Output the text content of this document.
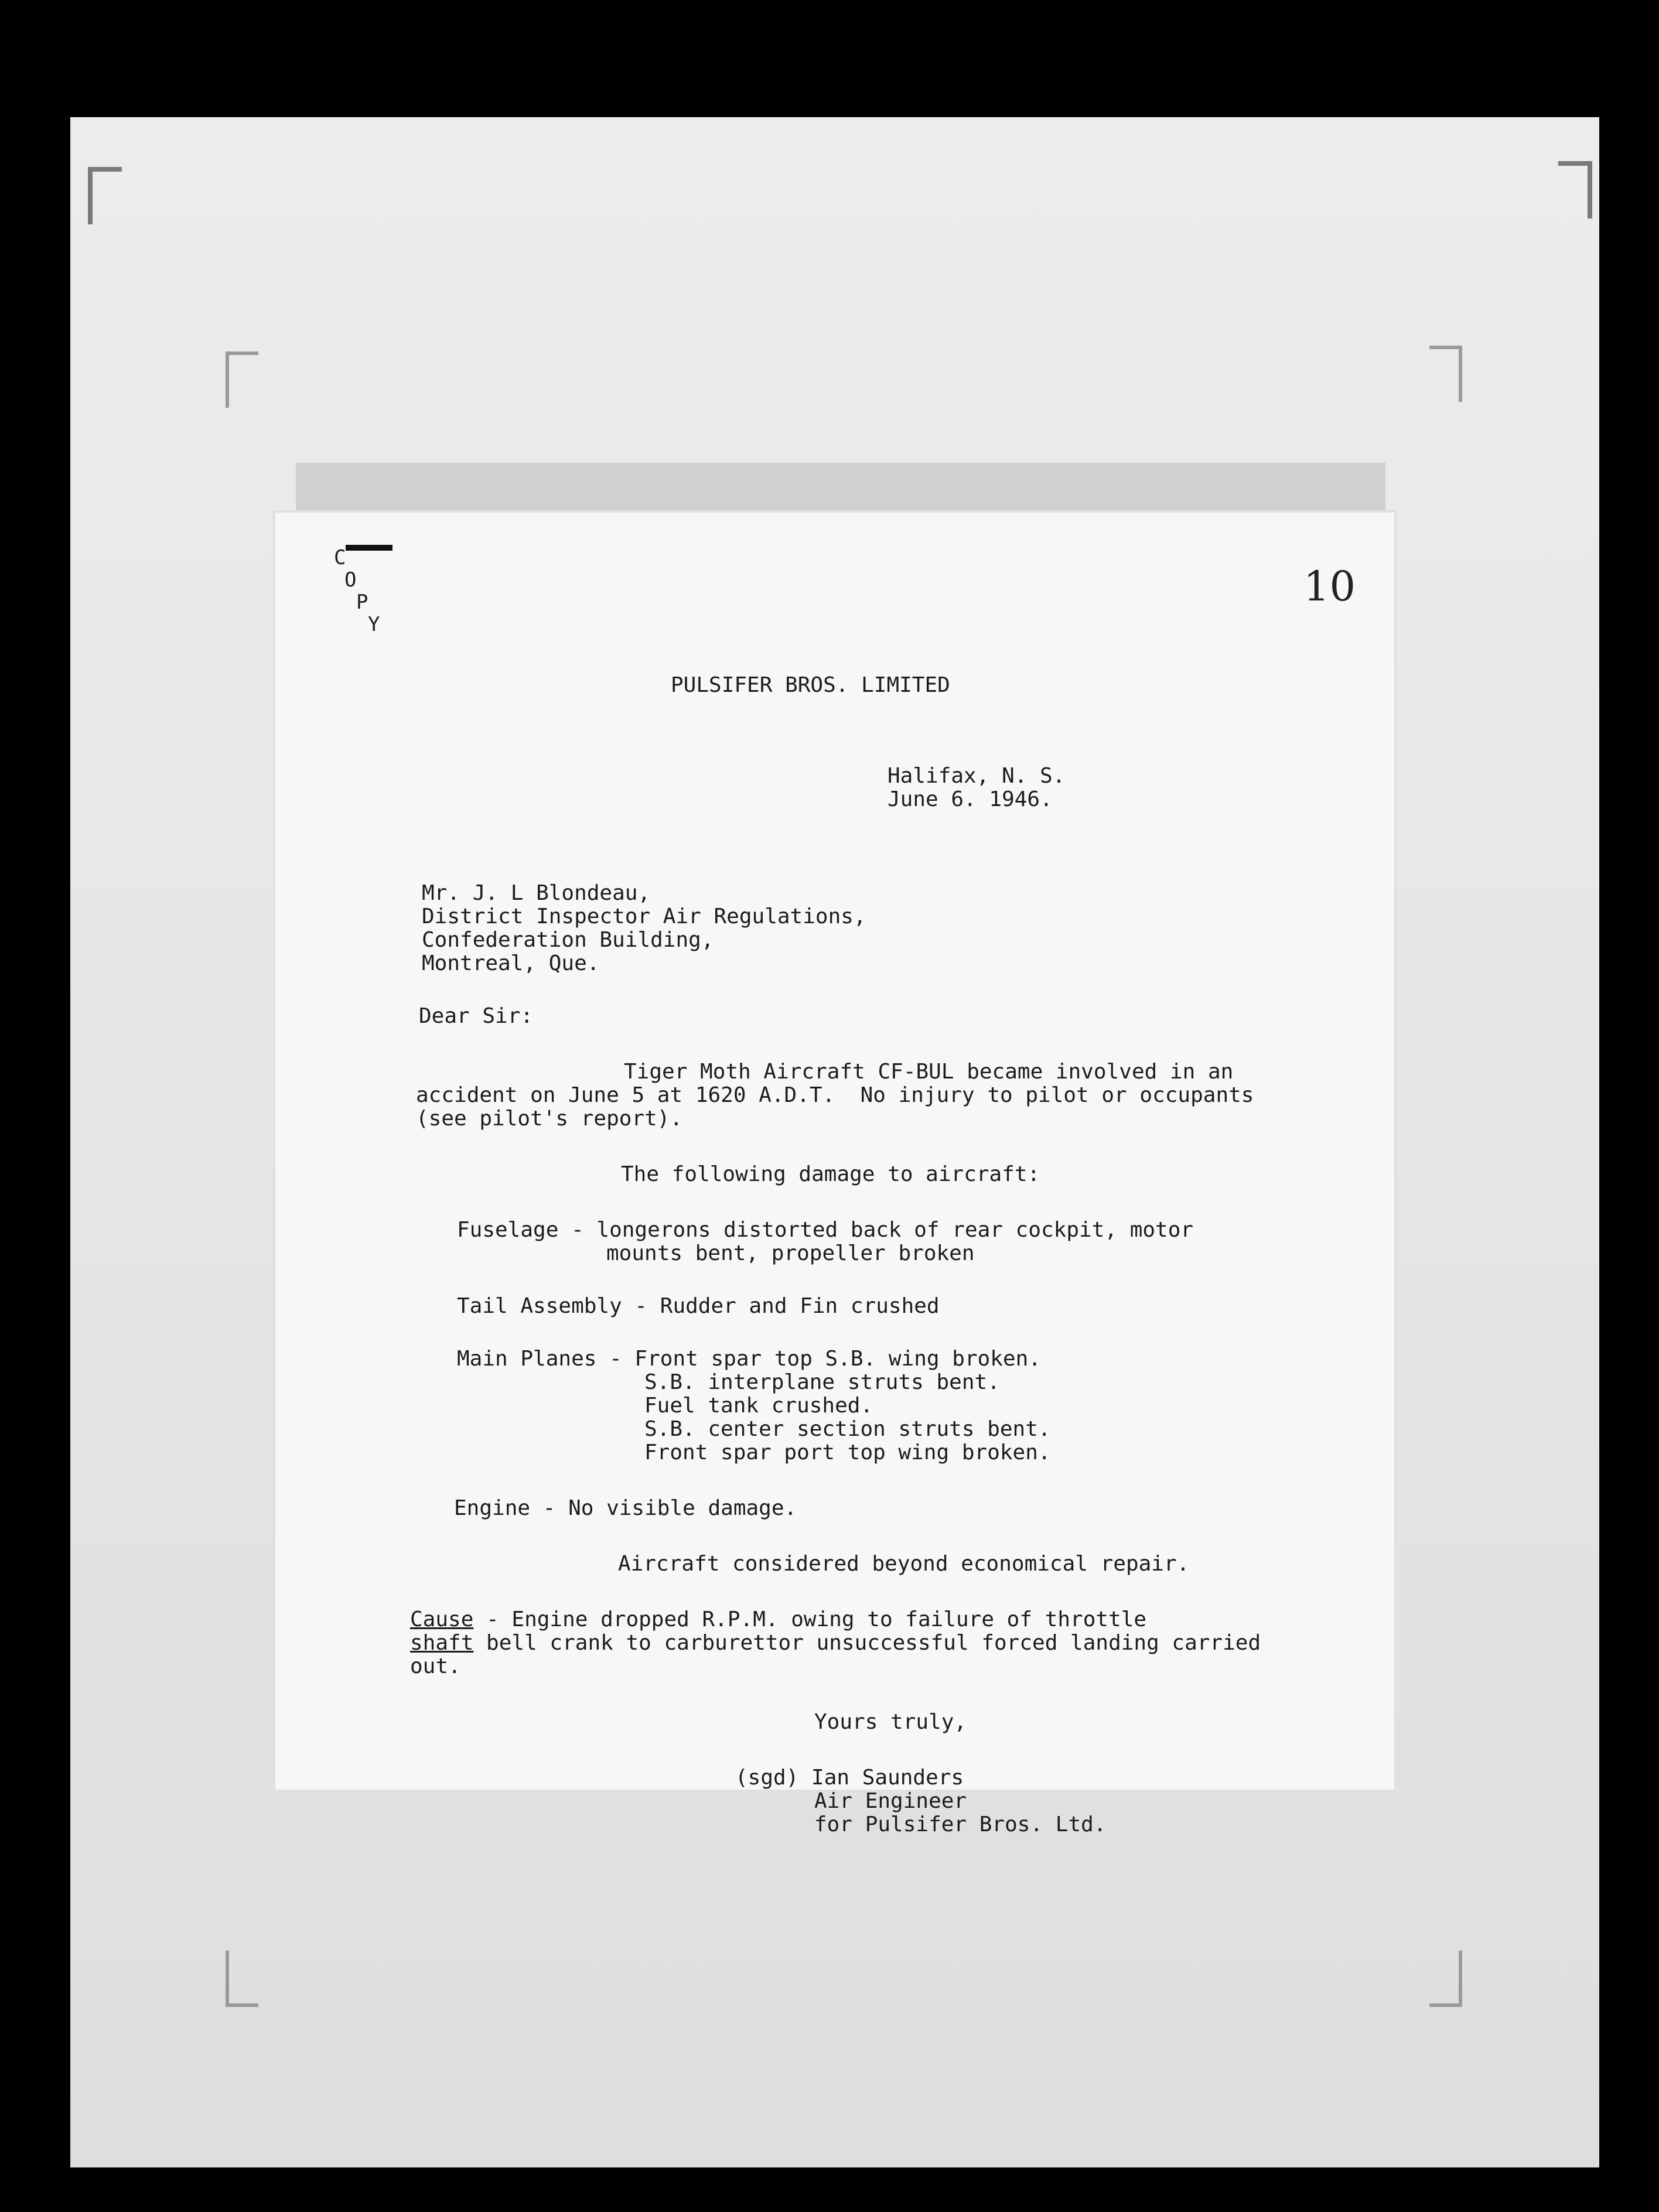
C
O
P
Y
10
PULSIFER BROS. LIMITED
Halifax, N. S.
June 6. 1946.
Mr. J. L Blondeau,
District Inspector Air Regulations,
Confederation Building,
Montreal, Que.
Dear Sir:
Tiger Moth Aircraft CF-BUL became involved in an
accident on June 5 at 1620 A.D.T.  No injury to pilot or occupants
(see pilot's report).
The following damage to aircraft:
Fuselage - longerons distorted back of rear cockpit, motor
mounts bent, propeller broken
Tail Assembly - Rudder and Fin crushed
Main Planes - Front spar top S.B. wing broken.
S.B. interplane struts bent.
Fuel tank crushed.
S.B. center section struts bent.
Front spar port top wing broken.
Engine - No visible damage.
Aircraft considered beyond economical repair.
Cause - Engine dropped R.P.M. owing to failure of throttle
shaft bell crank to carburettor unsuccessful forced landing carried
out.
Yours truly,
(sgd) Ian Saunders
Air Engineer
for Pulsifer Bros. Ltd.
